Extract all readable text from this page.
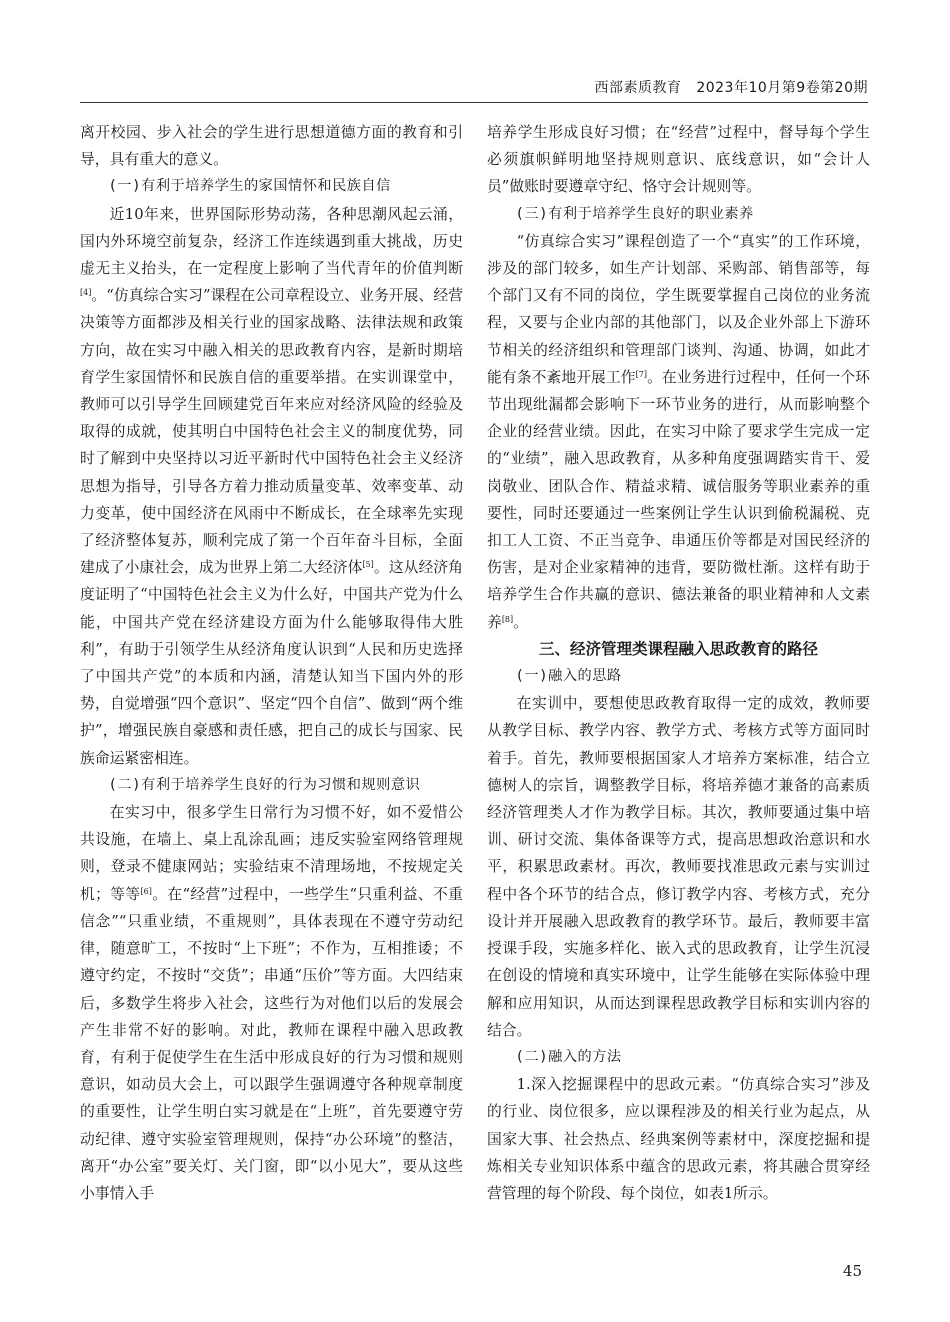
西部素质教育 2023年10月第9卷第20期

离开校园、步入社会的学生进行思想道德方面的教育和引导，具有重大的意义。

(一)有利于培养学生的家国情怀和民族自信

近10年来，世界国际形势动荡，各种思潮风起云涌，国内外环境空前复杂，经济工作连续遇到重大挑战，历史虚无主义抬头，在一定程度上影响了当代青年的价值判断[4]。“仿真综合实习”课程在公司章程设立、业务开展、经营决策等方面都涉及相关行业的国家战略、法律法规和政策方向，故在实习中融入相关的思政教育内容，是新时期培育学生家国情怀和民族自信的重要举措。在实训课堂中，教师可以引导学生回顾建党百年来应对经济风险的经验及取得的成就，使其明白中国特色社会主义的制度优势，同时了解到中央坚持以习近平新时代中国特色社会主义经济思想为指导，引导各方着力推动质量变革、效率变革、动力变革，使中国经济在风雨中不断成长，在全球率先实现了经济整体复苏，顺利完成了第一个百年奋斗目标，全面建成了小康社会，成为世界上第二大经济体[5]。这从经济角度证明了“中国特色社会主义为什么好，中国共产党为什么能，中国共产党在经济建设方面为什么能够取得伟大胜利”，有助于引领学生从经济角度认识到“人民和历史选择了中国共产党”的本质和内涵，清楚认知当下国内外的形势，自觉增强“四个意识”、坚定“四个自信”、做到“两个维护”，增强民族自豪感和责任感，把自己的成长与国家、民族命运紧密相连。

(二)有利于培养学生良好的行为习惯和规则意识

在实习中，很多学生日常行为习惯不好，如不爱惜公共设施，在墙上、桌上乱涂乱画；违反实验室网络管理规则，登录不健康网站；实验结束不清理场地，不按规定关机；等等[6]。在“经营”过程中，一些学生“只重利益、不重信念”“只重业绩，不重规则”，具体表现在不遵守劳动纪律，随意旷工，不按时“上下班”；不作为，互相推诿；不遵守约定，不按时“交货”；串通“压价”等方面。大四结束后，多数学生将步入社会，这些行为对他们以后的发展会产生非常不好的影响。对此，教师在课程中融入思政教育，有利于促使学生在生活中形成良好的行为习惯和规则意识，如动员大会上，可以跟学生强调遵守各种规章制度的重要性，让学生明白实习就是在“上班”，首先要遵守劳动纪律、遵守实验室管理规则，保持“办公环境”的整洁，离开“办公室”要关灯、关门窗，即“以小见大”，要从这些小事情入手

培养学生形成良好习惯；在“经营”过程中，督导每个学生必须旗帜鲜明地坚持规则意识、底线意识，如“会计人员”做账时要遵章守纪、恪守会计规则等。

(三)有利于培养学生良好的职业素养

“仿真综合实习”课程创造了一个“真实”的工作环境，涉及的部门较多，如生产计划部、采购部、销售部等，每个部门又有不同的岗位，学生既要掌握自己岗位的业务流程，又要与企业内部的其他部门，以及企业外部上下游环节相关的经济组织和管理部门谈判、沟通、协调，如此才能有条不紊地开展工作[7]。在业务进行过程中，任何一个环节出现纰漏都会影响下一环节业务的进行，从而影响整个企业的经营业绩。因此，在实习中除了要求学生完成一定的“业绩”，融入思政教育，从多种角度强调踏实肯干、爱岗敬业、团队合作、精益求精、诚信服务等职业素养的重要性，同时还要通过一些案例让学生认识到偷税漏税、克扣工人工资、不正当竞争、串通压价等都是对国民经济的伤害，是对企业家精神的违背，要防微杜渐。这样有助于培养学生合作共赢的意识、德法兼备的职业精神和人文素养[8]。

三、经济管理类课程融入思政教育的路径
(一)融入的思路

在实训中，要想使思政教育取得一定的成效，教师要从教学目标、教学内容、教学方式、考核方式等方面同时着手。首先，教师要根据国家人才培养方案标准，结合立德树人的宗旨，调整教学目标，将培养德才兼备的高素质经济管理类人才作为教学目标。其次，教师要通过集中培训、研讨交流、集体备课等方式，提高思想政治意识和水平，积累思政素材。再次，教师要找准思政元素与实训过程中各个环节的结合点，修订教学内容、考核方式，充分设计并开展融入思政教育的教学环节。最后，教师要丰富授课手段，实施多样化、嵌入式的思政教育，让学生沉浸在创设的情境和真实环境中，让学生能够在实际体验中理解和应用知识，从而达到课程思政教学目标和实训内容的结合。

(二)融入的方法

1.深入挖掘课程中的思政元素。“仿真综合实习”涉及的行业、岗位很多，应以课程涉及的相关行业为起点，从国家大事、社会热点、经典案例等素材中，深度挖掘和提炼相关专业知识体系中蕴含的思政元素，将其融合贯穿经营管理的每个阶段、每个岗位，如表1所示。

45
